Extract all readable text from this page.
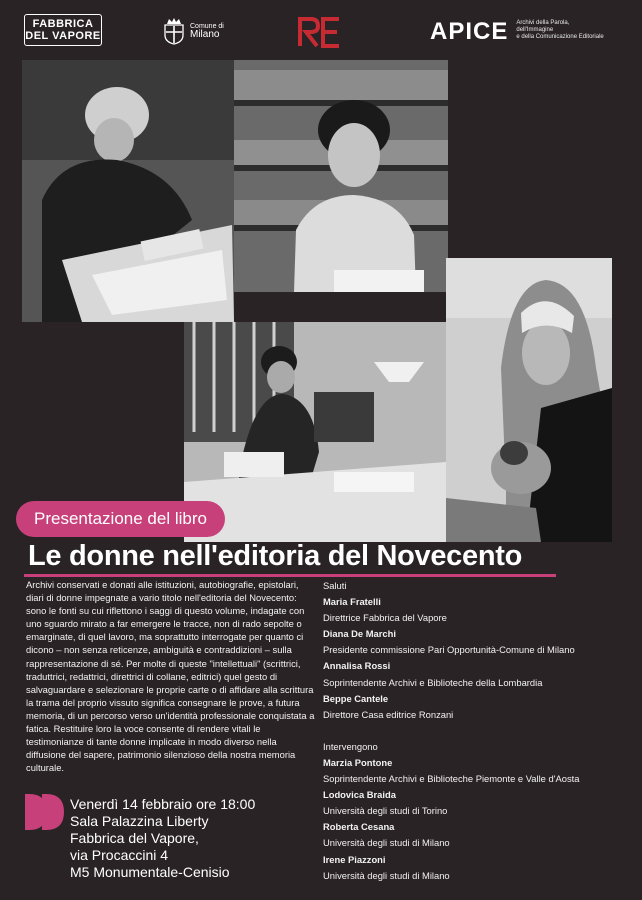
FABBRICA
DEL VAPORE
Comune di
Milano	APICE Archivi della Parola,
dell'Immagine
e della Comunicazione Editoriale
Presentazione del libro
Le donne nell'editoria del Novecento
Archivi conservati e donati alle istituzioni, autobiografie, epistolari, diari di donne impegnate a vario titolo nell'editoria del Novecento: sono le fonti su cui riflettono i saggi di questo volume, indagate con uno sguardo mirato a far emergere le tracce, non di rado sepolte o emarginate, di quel lavoro, ma soprattutto interrogate per quanto ci dicono – non senza reticenze, ambiguità e contraddizioni – sulla rappresentazione di sé. Per molte di queste "intellettuali" (scrittrici, traduttrici, redattrici, direttrici di collane, editrici) quel gesto di salvaguardare e selezionare le proprie carte o di affidare alla scrittura la trama del proprio vissuto significa consegnare le prove, a futura memoria, di un percorso verso un'identità professionale conquistata a fatica. Restituire loro la voce consente di rendere vitali le testimonianze di tante donne implicate in modo diverso nella diffusione del sapere, patrimonio silenzioso della nostra memoria culturale.
Saluti
Maria Fratelli
Direttrice Fabbrica del Vapore
Diana De Marchi
Presidente commissione Pari Opportunità-Comune di Milano
Annalisa Rossi
Soprintendente Archivi e Biblioteche della Lombardia
Beppe Cantele
Direttore Casa editrice Ronzani
Intervengono
Marzia Pontone
Soprintendente Archivi e Biblioteche Piemonte e Valle d'Aosta
Lodovica Braida
Università degli studi di Torino
Roberta Cesana
Università degli studi di Milano
Irene Piazzoni
Università degli studi di Milano
Venerdì 14 febbraio ore 18:00
Sala Palazzina Liberty
Fabbrica del Vapore,
via Procaccini 4
M5 Monumentale-Cenisio
